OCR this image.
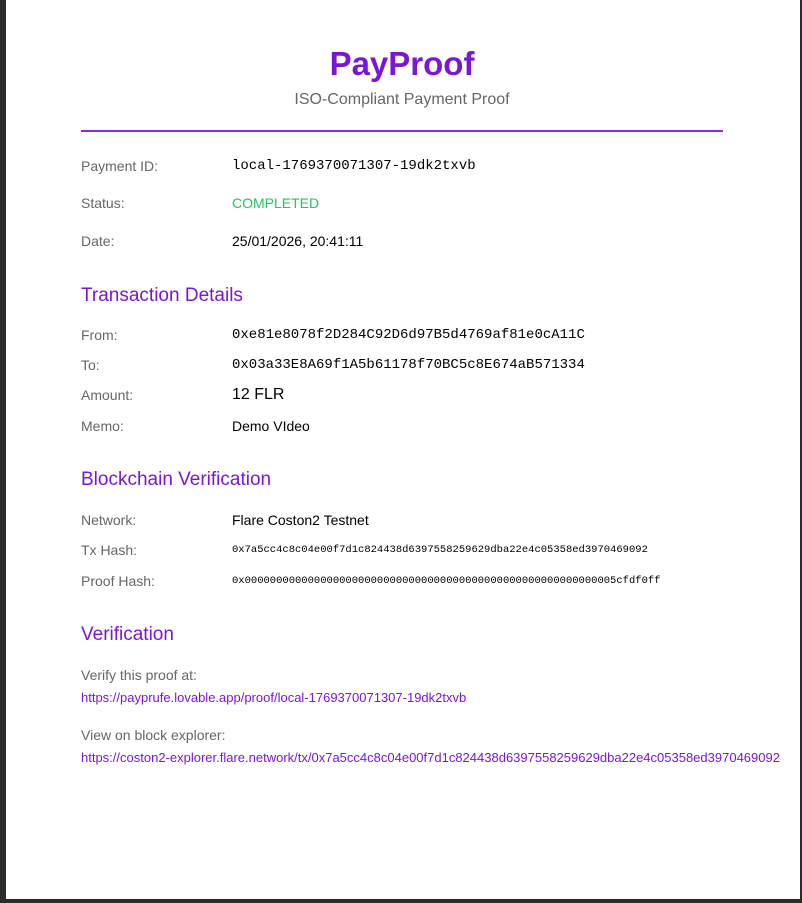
PayProof
ISO-Compliant Payment Proof
Payment ID:	local-1769370071307-19dk2txvb
Status:	COMPLETED
Date:	25/01/2026, 20:41:11
Transaction Details
From:	0xe81e8078f2D284C92D6d97B5d4769af81e0cA11C
To:	0x03a33E8A69f1A5b61178f70BC5c8E674aB571334
Amount:	12 FLR
Memo:	Demo VIdeo
Blockchain Verification
Network:	Flare Coston2 Testnet
Tx Hash:	0x7a5cc4c8c04e00f7d1c824438d6397558259629dba22e4c05358ed3970469092
Proof Hash:	0x00000000000000000000000000000000000000000000000000000000005cfdf0ff
Verification
Verify this proof at:
https://payprufe.lovable.app/proof/local-1769370071307-19dk2txvb
View on block explorer:
https://coston2-explorer.flare.network/tx/0x7a5cc4c8c04e00f7d1c824438d6397558259629dba22e4c05358ed3970469092
